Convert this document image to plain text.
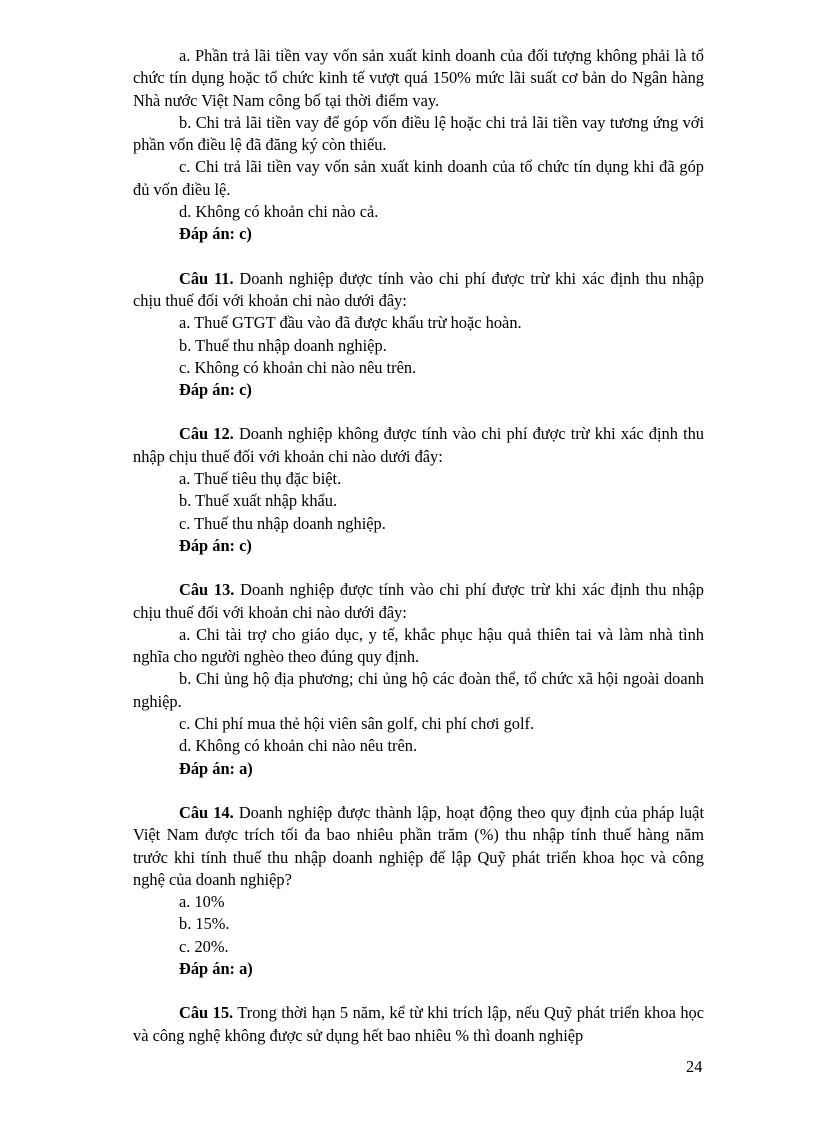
a. Phần trả lãi tiền vay vốn sản xuất kinh doanh của đối tượng không phải là tổ chức tín dụng hoặc tổ chức kinh tế vượt quá 150% mức lãi suất cơ bản do Ngân hàng Nhà nước Việt Nam công bố tại thời điểm vay.

b. Chi trả lãi tiền vay để góp vốn điều lệ hoặc chi trả lãi tiền vay tương ứng với phần vốn điều lệ đã đăng ký còn thiếu.

c. Chi trả lãi tiền vay vốn sản xuất kinh doanh của tổ chức tín dụng khi đã góp đủ vốn điều lệ.

d. Không có khoản chi nào cả.

Đáp án: c)

Câu 11. Doanh nghiệp được tính vào chi phí được trừ khi xác định thu nhập chịu thuế đối với khoản chi nào dưới đây:

a. Thuế GTGT đầu vào đã được khấu trừ hoặc hoàn.

b. Thuế thu nhập doanh nghiệp.

c. Không có khoản chi nào nêu trên.

Đáp án: c)

Câu 12. Doanh nghiệp không được tính vào chi phí được trừ khi xác định thu nhập chịu thuế đối với khoản chi nào dưới đây:

a. Thuế tiêu thụ đặc biệt.

b. Thuế xuất nhập khẩu.

c. Thuế thu nhập doanh nghiệp.

Đáp án: c)

Câu 13. Doanh nghiệp được tính vào chi phí được trừ khi xác định thu nhập chịu thuế đối với khoản chi nào dưới đây:

a. Chi tài trợ cho giáo dục, y tế, khắc phục hậu quả thiên tai và làm nhà tình nghĩa cho người nghèo theo đúng quy định.

b. Chi ủng hộ địa phương; chi ủng hộ các đoàn thể, tổ chức xã hội ngoài doanh nghiệp.

c. Chi phí mua thẻ hội viên sân golf, chi phí chơi golf.

d. Không có khoản chi nào nêu trên.

Đáp án: a)

Câu 14. Doanh nghiệp được thành lập, hoạt động theo quy định của pháp luật Việt Nam được trích tối đa bao nhiêu phần trăm (%) thu nhập tính thuế hàng năm trước khi tính thuế thu nhập doanh nghiệp để lập Quỹ phát triển khoa học và công nghệ của doanh nghiệp?

a. 10%

b. 15%.

c. 20%.

Đáp án: a)

Câu 15. Trong thời hạn 5 năm, kể từ khi trích lập, nếu Quỹ phát triển khoa học và công nghệ không được sử dụng hết bao nhiêu % thì doanh nghiệp

24
